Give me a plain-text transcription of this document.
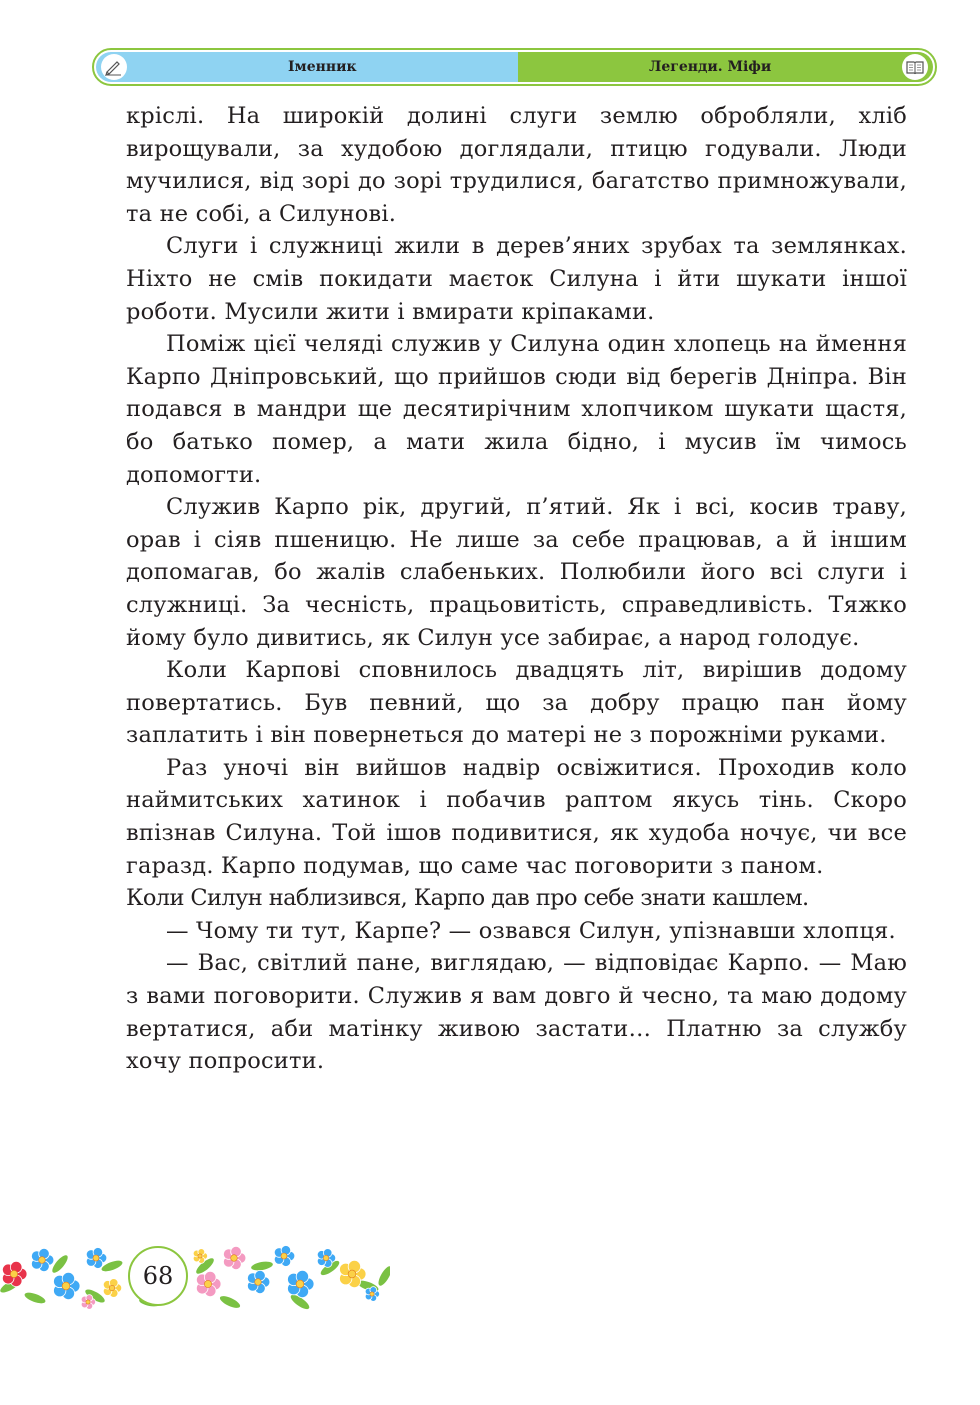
Іменник	Легенди. Міфи

кріслі. На широкій долині слуги землю обробляли, хліб вирощували, за худобою доглядали, птицю годували. Люди мучилися, від зорі до зорі трудилися, багатство примножували, та не собі, а Силунові.

Слуги і служниці жили в дерев’яних зрубах та землянках. Ніхто не смів покидати маєток Силуна і йти шукати іншої роботи. Мусили жити і вмирати кріпаками.

Поміж цієї челяді служив у Силуна один хлопець на ймення Карпо Дніпровський, що прийшов сюди від берегів Дніпра. Він подався в мандри ще десятирічним хлопчиком шукати щастя, бо батько помер, а мати жила бідно, і мусив їм чимось допомогти.

Служив Карпо рік, другий, п’ятий. Як і всі, косив траву, орав і сіяв пшеницю. Не лише за себе працював, а й іншим допомагав, бо жалів слабеньких. Полюбили його всі слуги і служниці. За чесність, працьовитість, справедливість. Тяжко йому було дивитись, як Силун усе забирає, а народ голодує.

Коли Карпові сповнилось двадцять літ, вирішив додому повертатись. Був певний, що за добру працю пан йому заплатить і він повернеться до матері не з порожніми руками.

Раз уночі він вийшов надвір освіжитися. Проходив коло наймитських хатинок і побачив раптом якусь тінь. Скоро впізнав Силуна. Той ішов подивитися, як худоба ночує, чи все гаразд. Карпо подумав, що саме час поговорити з паном.

Коли Силун наблизився, Карпо дав про себе знати кашлем.

— Чому ти тут, Карпе? — озвався Силун, упізнавши хлопця.

— Вас, світлий пане, виглядаю, — відповідає Карпо. — Маю з вами поговорити. Служив я вам довго й чесно, та маю додому вертатися, аби матінку живою застати… Платню за службу хочу попросити.

68
